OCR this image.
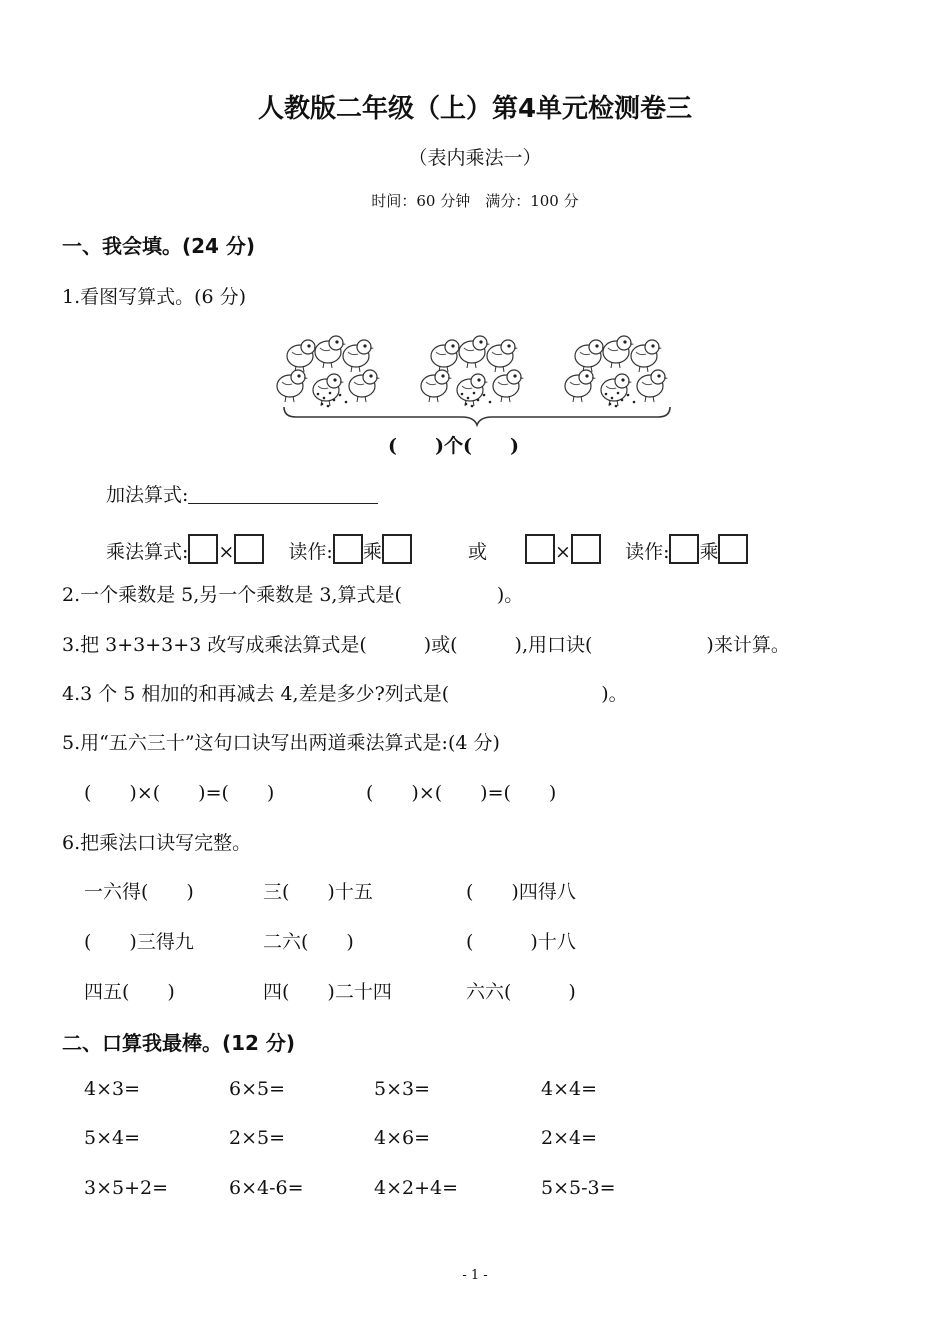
人教版二年级（上）第4单元检测卷三
（表内乘法一）
时间：60 分钟　满分：100 分
一、我会填。(24 分)
1.看图写算式。(6 分)
(　　)个(　　)
加法算式:
乘法算式: ×	读作: 乘	或	×	读作: 乘
2.一个乘数是 5,另一个乘数是 3,算式是(　　　　　)。
3.把 3+3+3+3 改写成乘法算式是(　　　)或(　　　),用口诀(　　　　　　)来计算。
4.3 个 5 相加的和再减去 4,差是多少?列式是(　　　　　　　　)。
5.用“五六三十”这句口诀写出两道乘法算式是:(4 分)
(　　)×(　　)=(　　)	(　　)×(　　)=(　　)
6.把乘法口诀写完整。
一六得(　　)	三(　　)十五	(　　)四得八
(　　)三得九	二六(　　)	(　　　)十八
四五(　　)	四(　　)二十四	六六(　　　)
二、口算我最棒。(12 分)
4×3=	6×5=	5×3=	4×4=
5×4=	2×5=	4×6=	2×4=
3×5+2=	6×4-6=	4×2+4=	5×5-3=
- 1 -
